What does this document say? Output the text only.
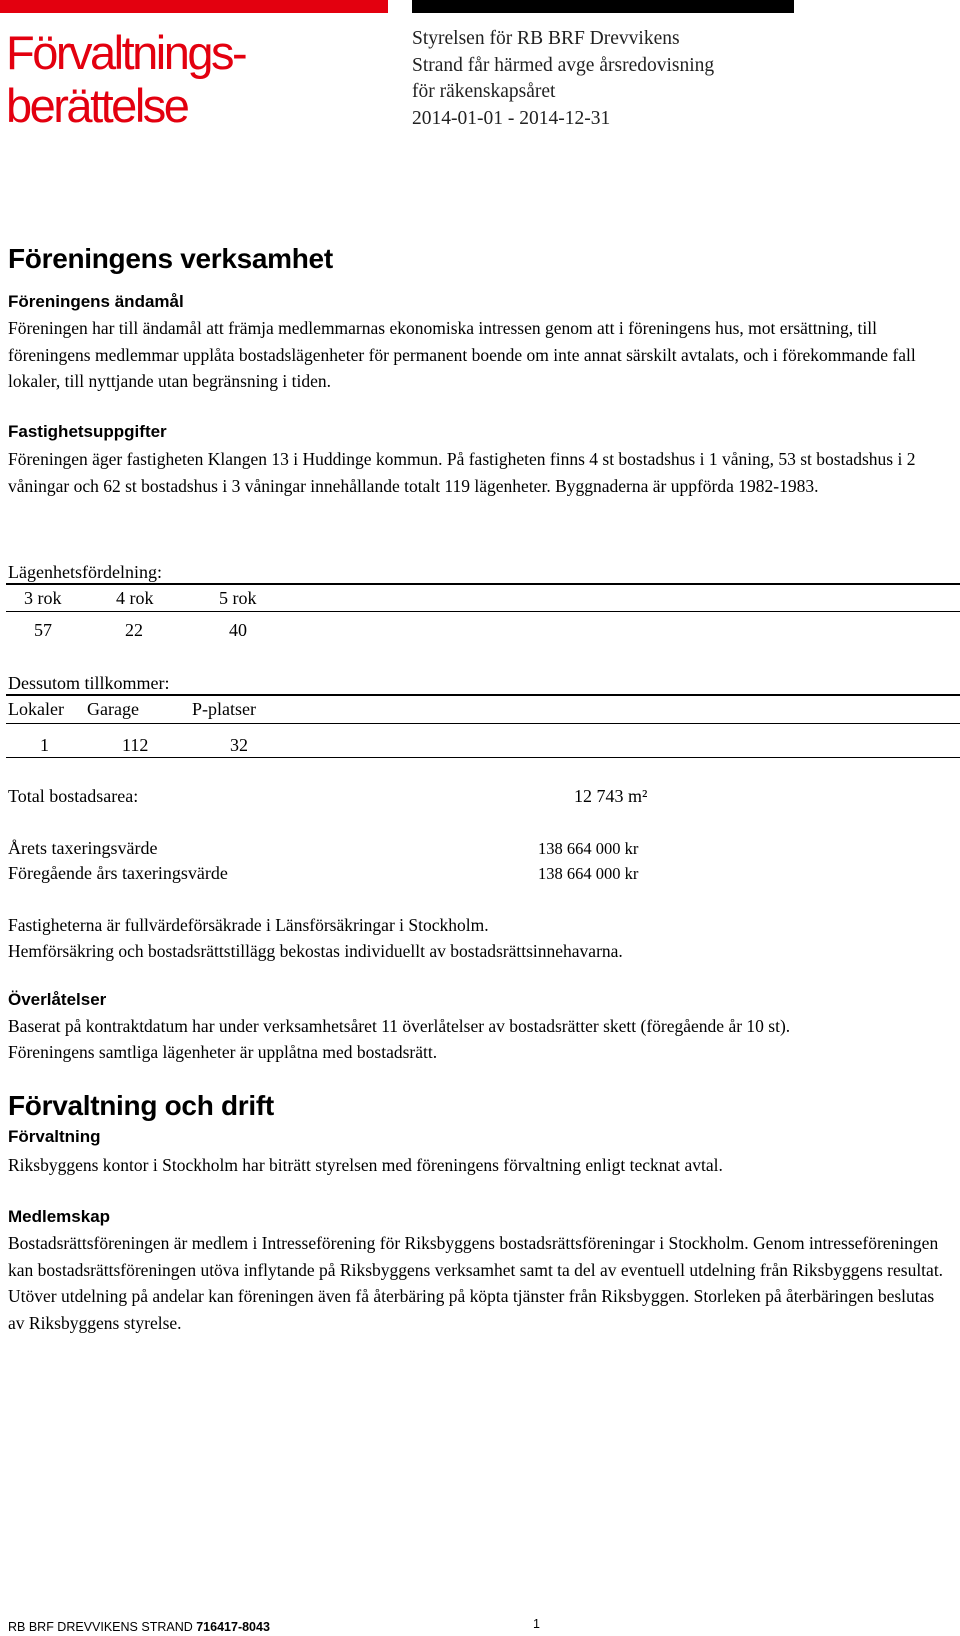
Förvaltnings-
berättelse
Styrelsen för RB BRF Drevvikens
Strand får härmed avge årsredovisning
för räkenskapsåret
2014-01-01 - 2014-12-31
Föreningens verksamhet
Föreningens ändamål
Föreningen har till ändamål att främja medlemmarnas ekonomiska intressen genom att i föreningens hus, mot ersättning, till föreningens medlemmar upplåta bostadslägenheter för permanent boende om inte annat särskilt avtalats, och i förekommande fall lokaler, till nyttjande utan begränsning i tiden.
Fastighetsuppgifter
Föreningen äger fastigheten Klangen 13 i Huddinge kommun. På fastigheten finns 4 st bostadshus i 1 våning, 53 st bostadshus i 2 våningar och 62 st bostadshus i 3 våningar innehållande totalt 119 lägenheter. Byggnaderna är uppförda 1982-1983.
Lägenhetsfördelning:
3 rok	4 rok	5 rok
57	22	40
Dessutom tillkommer:
Lokaler Garage	P-platser
1	112	32
Total bostadsarea:	12 743 m²
Årets taxeringsvärde	138 664 000 kr
Föregående års taxeringsvärde	138 664 000 kr
Fastigheterna är fullvärdeförsäkrade i Länsförsäkringar i Stockholm.
Hemförsäkring och bostadsrättstillägg bekostas individuellt av bostadsrättsinnehavarna.
Överlåtelser
Baserat på kontraktdatum har under verksamhetsåret 11 överlåtelser av bostadsrätter skett (föregående år 10 st).
Föreningens samtliga lägenheter är upplåtna med bostadsrätt.
Förvaltning och drift
Förvaltning
Riksbyggens kontor i Stockholm har biträtt styrelsen med föreningens förvaltning enligt tecknat avtal.
Medlemskap
Bostadsrättsföreningen är medlem i Intresseförening för Riksbyggens bostadsrättsföreningar i Stockholm. Genom intresseföreningen kan bostadsrättsföreningen utöva inflytande på Riksbyggens verksamhet samt ta del av eventuell utdelning från Riksbyggens resultat. Utöver utdelning på andelar kan föreningen även få återbäring på köpta tjänster från Riksbyggen. Storleken på återbäringen beslutas av Riksbyggens styrelse.
RB BRF DREVVIKENS STRAND 716417-8043	1
